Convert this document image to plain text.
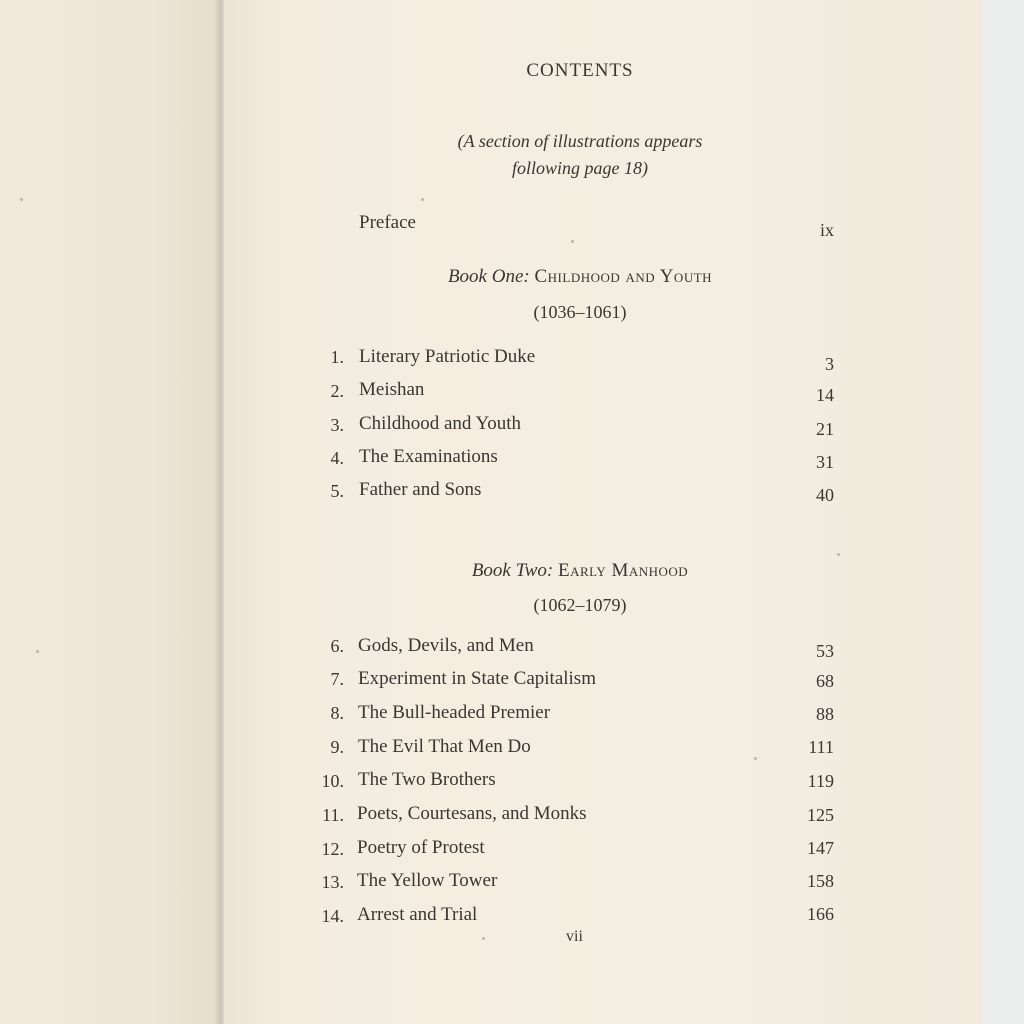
CONTENTS
(A section of illustrations appears
following page 18)
Preface	ix
Book One: Childhood and Youth
(1036–1061)
1. Literary Patriotic Duke	3
2. Meishan	14
3. Childhood and Youth	21
4. The Examinations	31
5. Father and Sons	40
Book Two: Early Manhood
(1062–1079)
6. Gods, Devils, and Men	53
7. Experiment in State Capitalism	68
8. The Bull-headed Premier	88
9. The Evil That Men Do	111
10. The Two Brothers	119
11. Poets, Courtesans, and Monks	125
12. Poetry of Protest	147
13. The Yellow Tower	158
14. Arrest and Trial	166
vii
